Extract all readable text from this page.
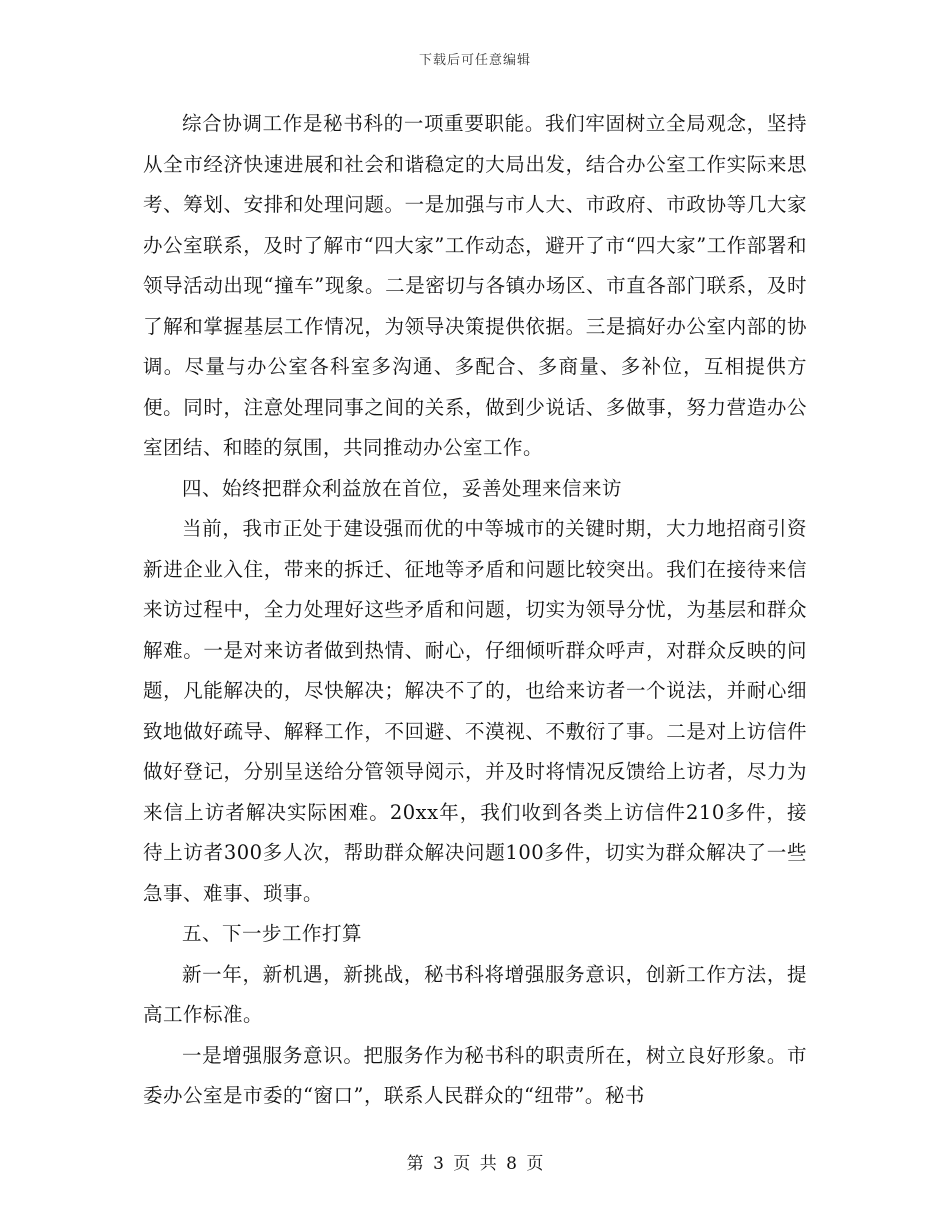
下载后可任意编辑

综合协调工作是秘书科的一项重要职能。我们牢固树立全局观念，坚持从全市经济快速进展和社会和谐稳定的大局出发，结合办公室工作实际来思考、筹划、安排和处理问题。一是加强与市人大、市政府、市政协等几大家办公室联系，及时了解市“四大家”工作动态，避开了市“四大家”工作部署和领导活动出现“撞车”现象。二是密切与各镇办场区、市直各部门联系，及时了解和掌握基层工作情况，为领导决策提供依据。三是搞好办公室内部的协调。尽量与办公室各科室多沟通、多配合、多商量、多补位，互相提供方便。同时，注意处理同事之间的关系，做到少说话、多做事，努力营造办公室团结、和睦的氛围，共同推动办公室工作。

四、始终把群众利益放在首位，妥善处理来信来访

当前，我市正处于建设强而优的中等城市的关键时期，大力地招商引资新进企业入住，带来的拆迁、征地等矛盾和问题比较突出。我们在接待来信来访过程中，全力处理好这些矛盾和问题，切实为领导分忧，为基层和群众解难。一是对来访者做到热情、耐心，仔细倾听群众呼声，对群众反映的问题，凡能解决的，尽快解决；解决不了的，也给来访者一个说法，并耐心细致地做好疏导、解释工作，不回避、不漠视、不敷衍了事。二是对上访信件做好登记，分别呈送给分管领导阅示，并及时将情况反馈给上访者，尽力为来信上访者解决实际困难。20xx年，我们收到各类上访信件210多件，接待上访者300多人次，帮助群众解决问题100多件，切实为群众解决了一些急事、难事、琐事。

五、下一步工作打算

新一年，新机遇，新挑战，秘书科将增强服务意识，创新工作方法，提高工作标准。

一是增强服务意识。把服务作为秘书科的职责所在，树立良好形象。市委办公室是市委的“窗口”，联系人民群众的“纽带”。秘书

第 3 页 共 8 页
